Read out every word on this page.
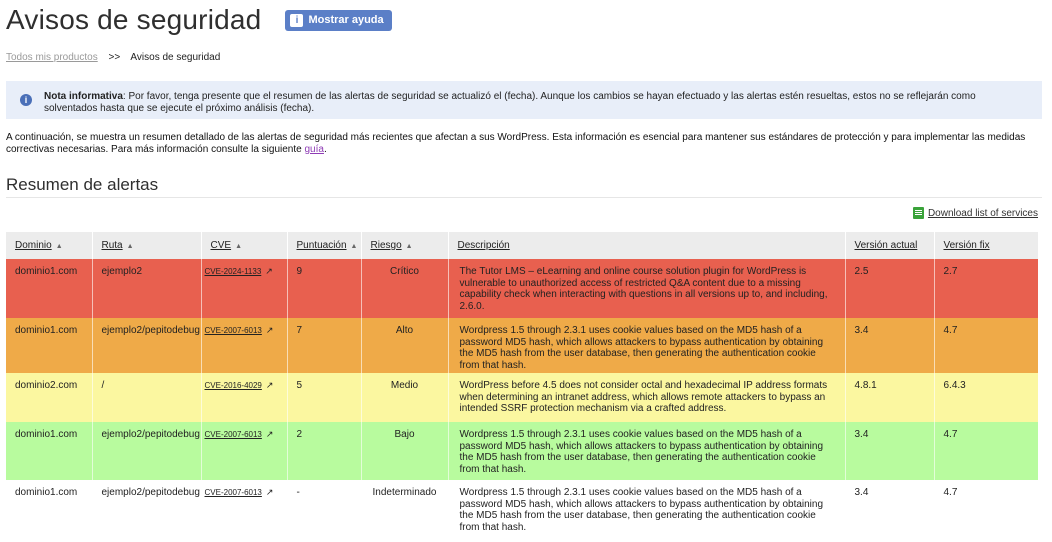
Avisos de seguridad	i Mostrar ayuda
Todos mis productos >> Avisos de seguridad
i	Nota informativa: Por favor, tenga presente que el resumen de las alertas de seguridad se actualizó el (fecha). Aunque los cambios se hayan efectuado y las alertas estén resueltas, estos no se reflejarán como solventados hasta que se ejecute el próximo análisis (fecha).
A continuación, se muestra un resumen detallado de las alertas de seguridad más recientes que afectan a sus WordPress. Esta información es esencial para mantener sus estándares de protección y para implementar las medidas correctivas necesarias. Para más información consulte la siguiente guía.
Resumen de alertas
Download list of services
Dominio ▲	Ruta ▲	CVE ▲	Puntuación ▲	Riesgo ▲	Descripción	Versión actual	Versión fix
dominio1.com	ejemplo2	CVE-2024-1133 ↗	9	Crítico	The Tutor LMS – eLearning and online course solution plugin for WordPress is vulnerable to unauthorized access of restricted Q&A content due to a missing capability check when interacting with questions in all versions up to, and including, 2.6.0.	2.5	2.7
dominio1.com	ejemplo2/pepitodebug	CVE-2007-6013 ↗	7	Alto	Wordpress 1.5 through 2.3.1 uses cookie values based on the MD5 hash of a password MD5 hash, which allows attackers to bypass authentication by obtaining the MD5 hash from the user database, then generating the authentication cookie from that hash.	3.4	4.7
dominio2.com	/	CVE-2016-4029 ↗	5	Medio	WordPress before 4.5 does not consider octal and hexadecimal IP address formats when determining an intranet address, which allows remote attackers to bypass an intended SSRF protection mechanism via a crafted address.	4.8.1	6.4.3
dominio1.com	ejemplo2/pepitodebug	CVE-2007-6013 ↗	2	Bajo	Wordpress 1.5 through 2.3.1 uses cookie values based on the MD5 hash of a password MD5 hash, which allows attackers to bypass authentication by obtaining the MD5 hash from the user database, then generating the authentication cookie from that hash.	3.4	4.7
dominio1.com	ejemplo2/pepitodebug	CVE-2007-6013 ↗	-	Indeterminado	Wordpress 1.5 through 2.3.1 uses cookie values based on the MD5 hash of a password MD5 hash, which allows attackers to bypass authentication by obtaining the MD5 hash from the user database, then generating the authentication cookie from that hash.	3.4	4.7
